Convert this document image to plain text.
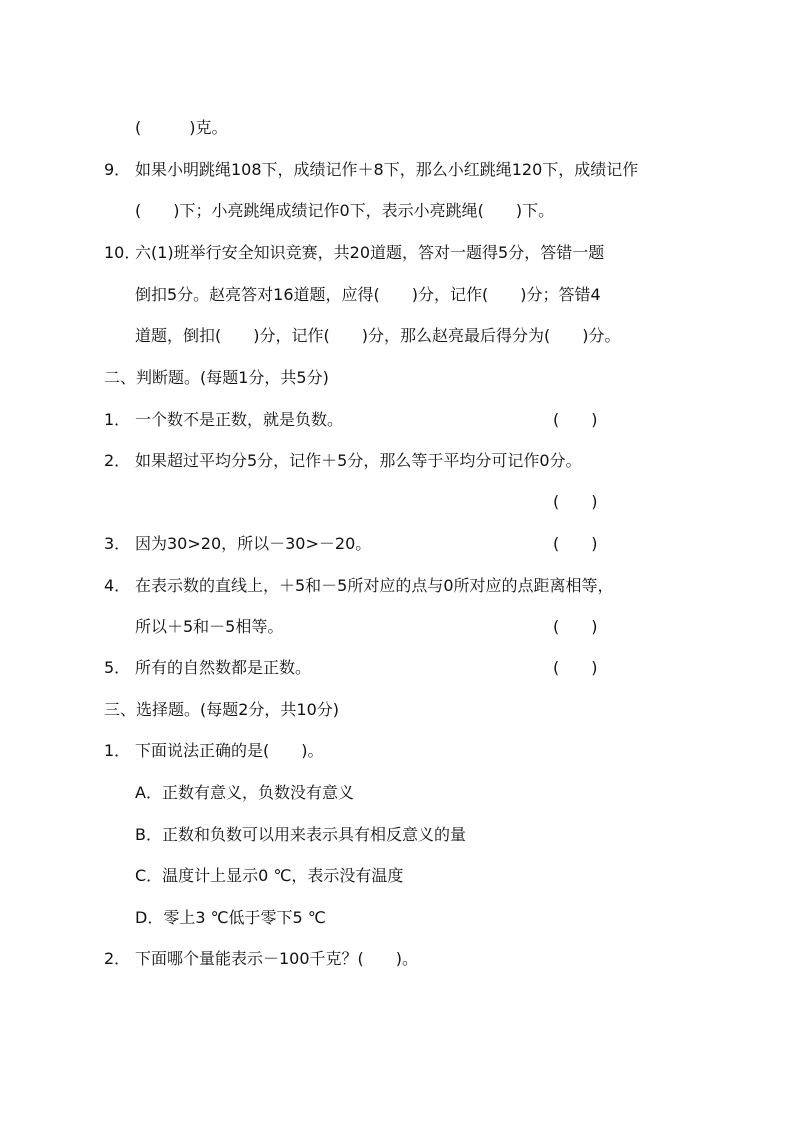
(　　　)克。
9． 如果小明跳绳108下，成绩记作＋8下，那么小红跳绳120下，成绩记作
(　　)下；小亮跳绳成绩记作0下，表示小亮跳绳(　　)下。
10．
六(1)班举行安全知识竞赛，共20道题，答对一题得5分，答错一题
倒扣5分。赵亮答对16道题，应得(　　)分，记作(　　)分；答错4
道题，倒扣(　　)分，记作(　　)分，那么赵亮最后得分为(　　)分。
二、判断题。(每题1分，共5分)
1． 一个数不是正数，就是负数。	(　　)
2． 如果超过平均分5分，记作＋5分，那么等于平均分可记作0分。
(　　)
3． 因为30>20，所以－30>－20。	(　　)
4． 在表示数的直线上，＋5和－5所对应的点与0所对应的点距离相等，
所以＋5和－5相等。	(　　)
5． 所有的自然数都是正数。	(　　)
三、选择题。(每题2分，共10分)
1． 下面说法正确的是(　　)。
A．正数有意义，负数没有意义
B．正数和负数可以用来表示具有相反意义的量
C．温度计上显示0 ℃，表示没有温度
D．零上3 ℃低于零下5 ℃
2． 下面哪个量能表示－100千克？(　　)。
